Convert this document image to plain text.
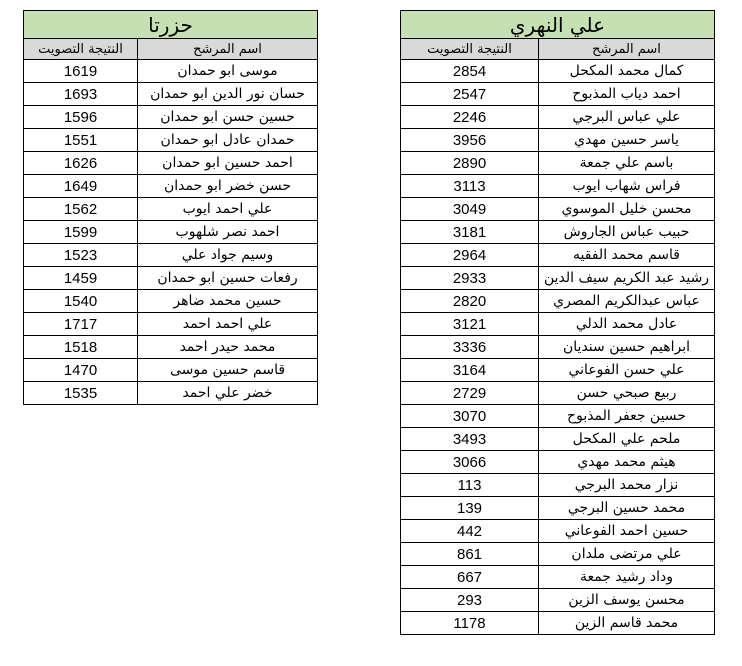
حزرتا	
النتيجة التصويت	اسم المرشح
1619	موسى ابو حمدان
1693	حسان نور الدين ابو حمدان
1596	حسين حسن ابو حمدان
1551	حمدان عادل ابو حمدان
1626	احمد حسين ابو حمدان
1649	حسن خضر ابو حمدان
1562	علي احمد ايوب
1599	احمد نصر شلهوب
1523	وسيم جواد علي
1459	رفعات حسين ابو حمدان
1540	حسين محمد ضاهر
1717	علي احمد احمد
1518	محمد حيدر احمد
1470	قاسم حسين موسى
1535	خضر علي احمد
علي النهري	
النتيجة التصويت	اسم المرشح
2854	كمال محمد المكحل
2547	احمد دياب المذبوح
2246	علي عباس البرجي
3956	ياسر حسين مهدي
2890	باسم علي جمعة
3113	فراس شهاب ايوب
3049	محسن خليل الموسوي
3181	حبيب عباس الجاروش
2964	قاسم محمد الفقيه
2933	رشيد عبد الكريم سيف الدين
2820	عباس عبدالكريم المصري
3121	عادل محمد الدلي
3336	ابراهيم حسين سنديان
3164	علي حسن الفوعاني
2729	ربيع صبحي حسن
3070	حسين جعفر المذبوح
3493	ملحم علي المكحل
3066	هيثم محمد مهدي
113	نزار محمد البرجي
139	محمد حسين البرجي
442	حسين احمد الفوعاني
861	علي مرتضى ملدان
667	وداد رشيد جمعة
293	محسن يوسف الزين
1178	محمد قاسم الزين
